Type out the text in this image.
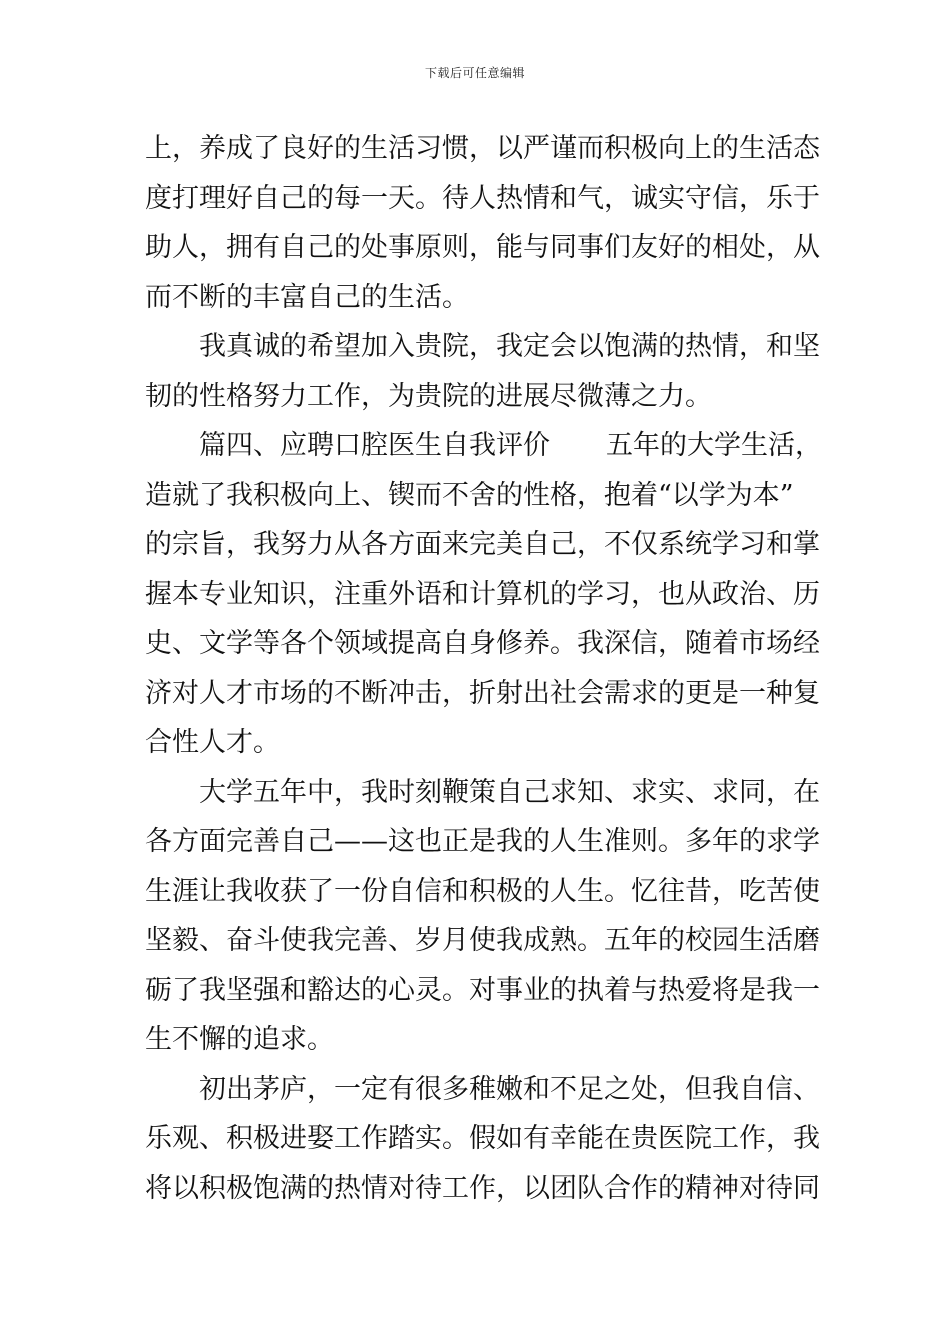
下载后可任意编辑
上，养成了良好的生活习惯，以严谨而积极向上的生活态
度打理好自己的每一天。待人热情和气，诚实守信，乐于
助人，拥有自己的处事原则，能与同事们友好的相处，从
而不断的丰富自己的生活。
我真诚的希望加入贵院，我定会以饱满的热情，和坚
韧的性格努力工作，为贵院的进展尽微薄之力。
篇四、应聘口腔医生自我评价 五年的大学生活，
造就了我积极向上、锲而不舍的性格，抱着“以学为本”
的宗旨，我努力从各方面来完美自己，不仅系统学习和掌
握本专业知识，注重外语和计算机的学习，也从政治、历
史、文学等各个领域提高自身修养。我深信，随着市场经
济对人才市场的不断冲击，折射出社会需求的更是一种复
合性人才。
大学五年中，我时刻鞭策自己求知、求实、求同，在
各方面完善自己——这也正是我的人生准则。多年的求学
生涯让我收获了一份自信和积极的人生。忆往昔，吃苦使
坚毅、奋斗使我完善、岁月使我成熟。五年的校园生活磨
砺了我坚强和豁达的心灵。对事业的执着与热爱将是我一
生不懈的追求。
初出茅庐，一定有很多稚嫩和不足之处，但我自信、
乐观、积极进娶工作踏实。假如有幸能在贵医院工作，我
将以积极饱满的热情对待工作，以团队合作的精神对待同
